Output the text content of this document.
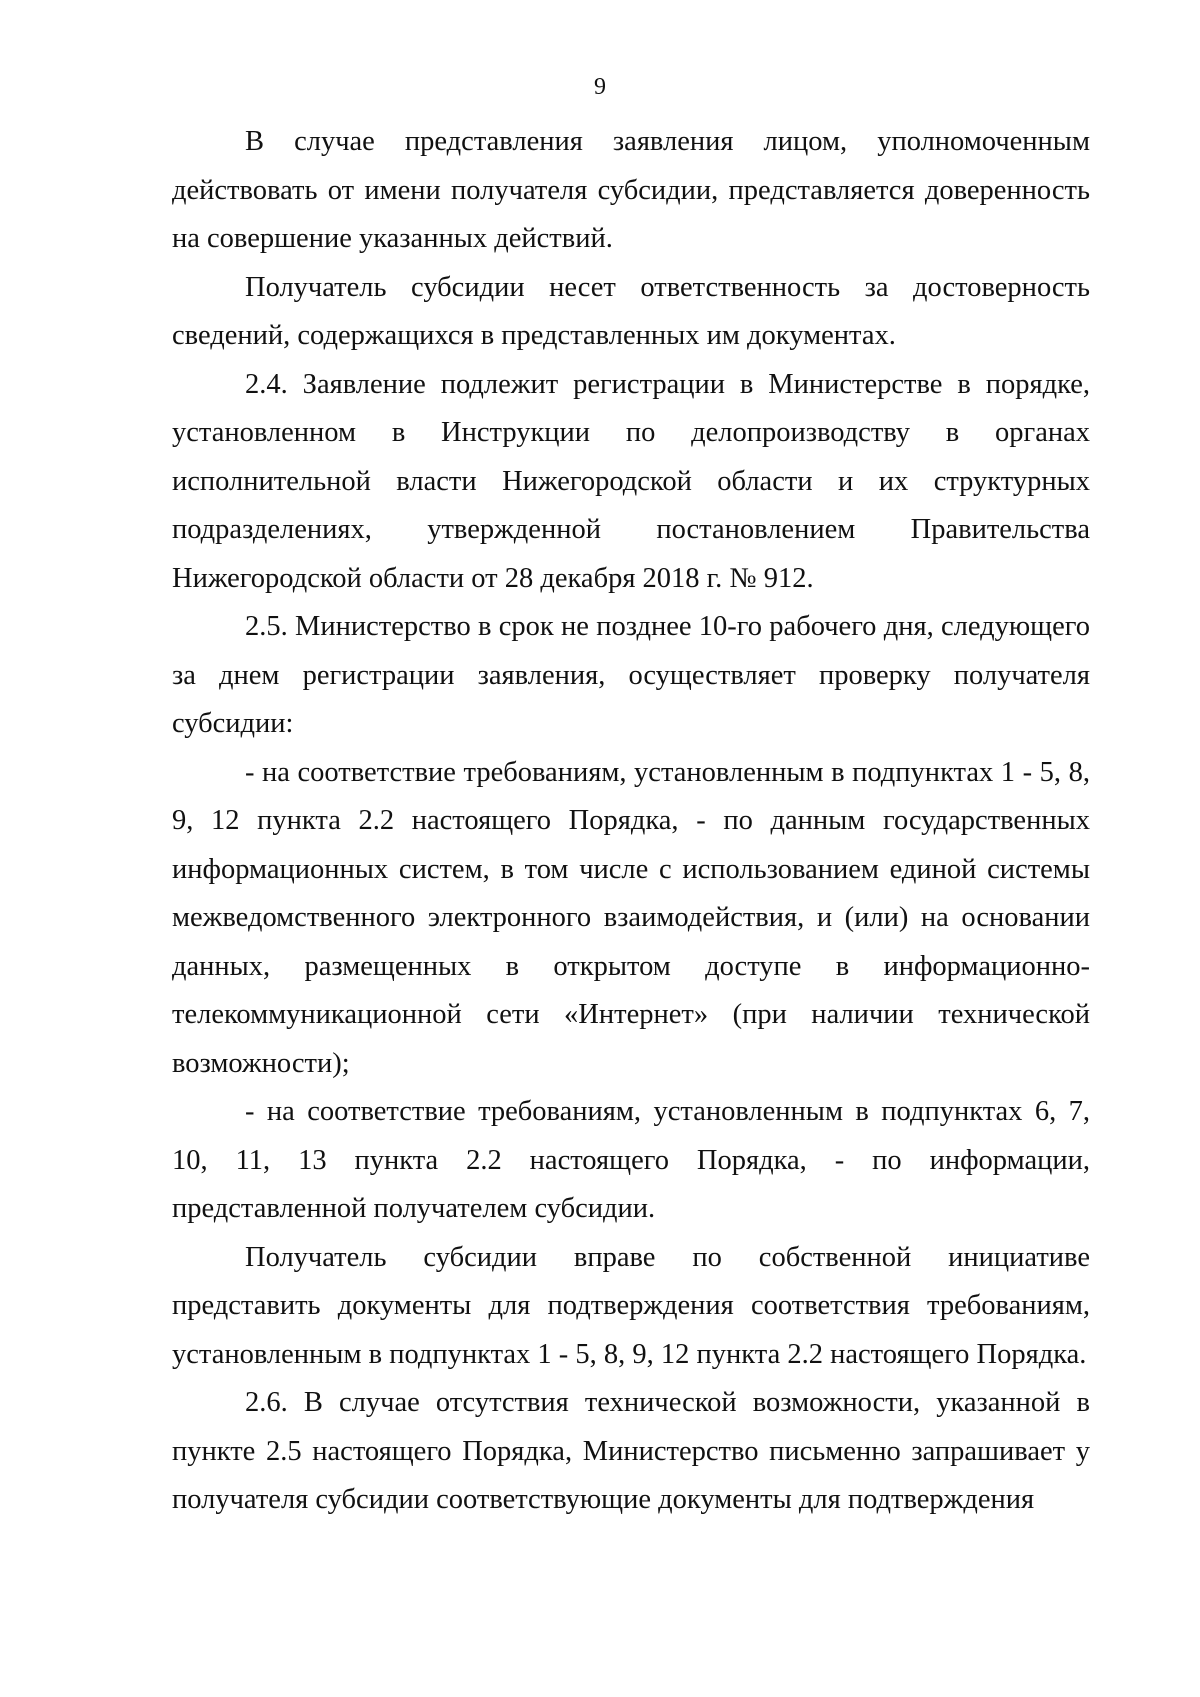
9

В случае представления заявления лицом, уполномоченным действовать от имени получателя субсидии, представляется доверенность на совершение указанных действий.

Получатель субсидии несет ответственность за достоверность сведений, содержащихся в представленных им документах.

2.4. Заявление подлежит регистрации в Министерстве в порядке, установленном в Инструкции по делопроизводству в органах исполнительной власти Нижегородской области и их структурных подразделениях, утвержденной постановлением Правительства Нижегородской области от 28 декабря 2018 г. № 912.

2.5. Министерство в срок не позднее 10-го рабочего дня, следующего за днем регистрации заявления, осуществляет проверку получателя субсидии:

- на соответствие требованиям, установленным в подпунктах 1 - 5, 8, 9, 12 пункта 2.2 настоящего Порядка, - по данным государственных информационных систем, в том числе с использованием единой системы межведомственного электронного взаимодействия, и (или) на основании данных, размещенных в открытом доступе в информационно-телекоммуникационной сети «Интернет» (при наличии технической возможности);

- на соответствие требованиям, установленным в подпунктах 6, 7, 10, 11, 13 пункта 2.2 настоящего Порядка, - по информации, представленной получателем субсидии.

Получатель субсидии вправе по собственной инициативе представить документы для подтверждения соответствия требованиям, установленным в подпунктах 1 - 5, 8, 9, 12 пункта 2.2 настоящего Порядка.

2.6. В случае отсутствия технической возможности, указанной в пункте 2.5 настоящего Порядка, Министерство письменно запрашивает у получателя субсидии соответствующие документы для подтверждения
